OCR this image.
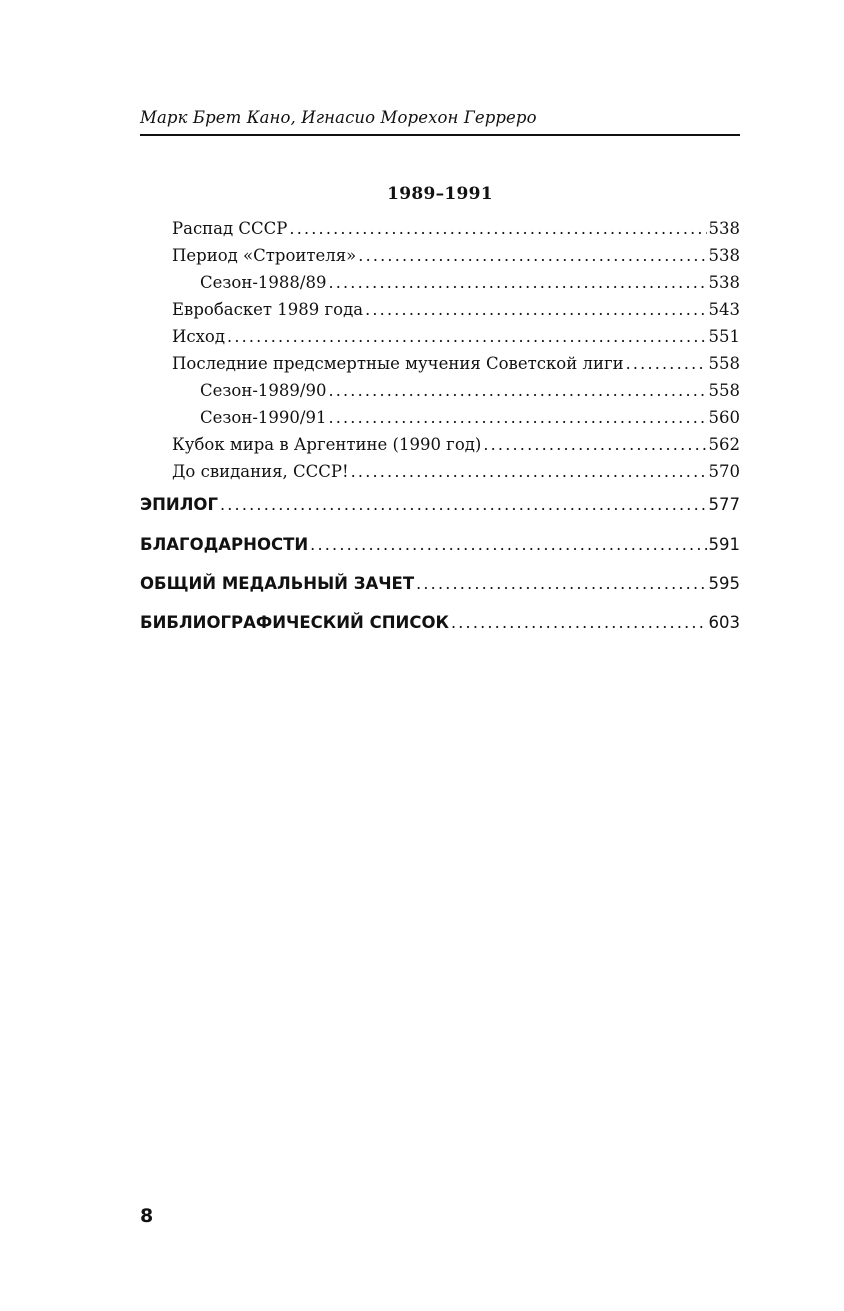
Марк Брет Кано, Игнасио Морехон Герреро
1989–1991
Распад СССР .....	538
Период «Строителя» .....	538
Сезон-1988/89 .....	538
Евробаскет 1989 года .....	543
Исход .....	551
Последние предсмертные мучения Советской лиги .....	558
Сезон-1989/90 .....	558
Сезон-1990/91 .....	560
Кубок мира в Аргентине (1990 год) .....	562
До свидания, СССР! .....	570
ЭПИЛОГ .....	577
БЛАГОДАРНОСТИ .....	591
ОБЩИЙ МЕДАЛЬНЫЙ ЗАЧЕТ .....	595
БИБЛИОГРАФИЧЕСКИЙ СПИСОК .....	603
8
